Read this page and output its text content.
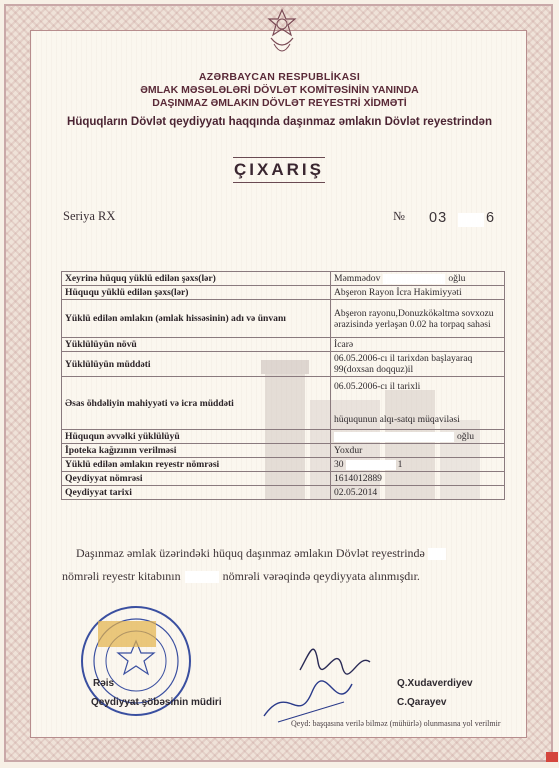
AZƏRBAYCAN RESPUBLİKASI
ƏMLAK MƏSƏLƏLƏRİ DÖVLƏT KOMİTƏSİNİN YANINDA
DAŞINMAZ ƏMLAKIN DÖVLƏT REYESTRİ XİDMƏTİ
Hüquqların Dövlət qeydiyyatı haqqında daşınmaz əmlakın Dövlət reyestrindən
ÇIXARIŞ
Seriya RX	№ 03	6
Xeyrinə hüquq yüklü edilən şəxs(lər)	Məmmədov oğlu
Hüququ yüklü edilən şəxs(lər)	Abşeron Rayon İcra Hakimiyyəti
Yüklü edilən əmlakın (əmlak hissəsinin) adı və ünvanı	Abşeron rayonu,Donuzkökəltmə sovxozu ərazisində yerləşən 0.02 ha torpaq sahəsi
Yüklülüyün növü	İcarə
Yüklülüyün müddəti	06.05.2006-cı il tarixdən başlayaraq 99(doxsan doqquz)il
Əsas öhdəliyin mahiyyəti və icra müddəti	06.05.2006-cı il tarixli
hüququnun alqı-satqı müqaviləsi

Hüququn əvvəlki yüklülüyü	oğlu
İpoteka kağızının verilməsi	Yoxdur
Yüklü edilən əmlakın reyestr nömrəsi	30 1
Qeydiyyat nömrəsi	1614012889
Qeydiyyat tarixi	02.05.2014
Daşınmaz əmlak üzərindəki hüquq daşınmaz əmlakın Dövlət reyestrində
nömrəli reyestr kitabının	nömrəli vərəqində qeydiyyata alınmışdır.
Rəis
Qeydiyyat şöbəsinin müdiri
Q.Xudaverdiyev
C.Qarayev
Qeyd: başqasına verilə bilməz (mühürlə) olunmasına yol verilmir
